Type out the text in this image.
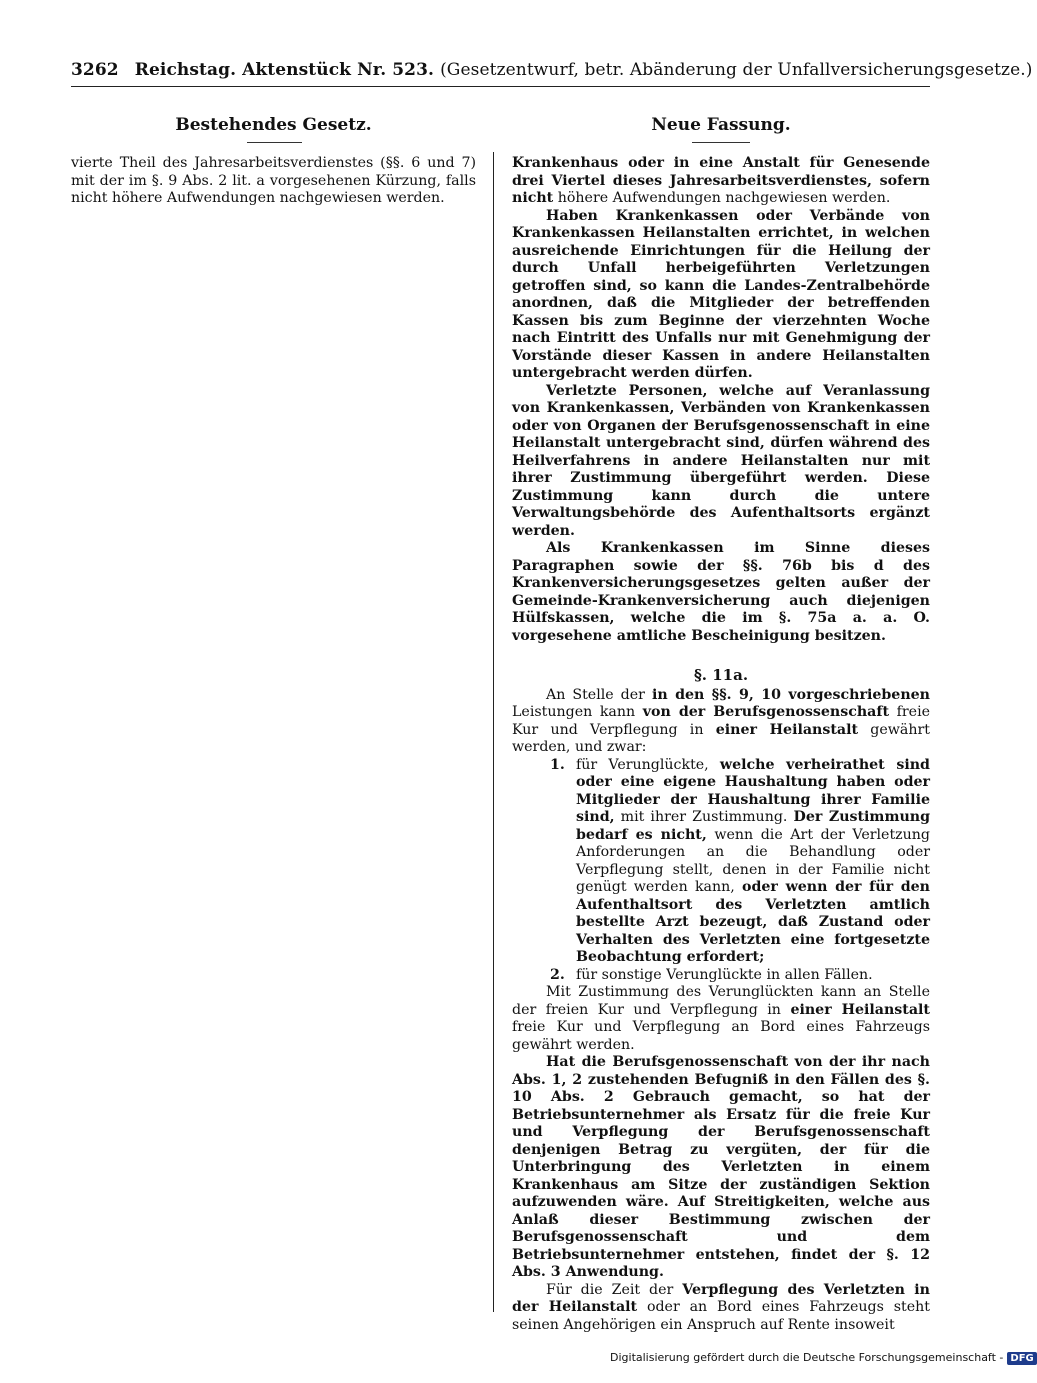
3262 Reichstag. Aktenstück Nr. 523. (Gesetzentwurf, betr. Abänderung der Unfallversicherungsgesetze.)
Bestehendes Gesetz.	Neue Fassung.

vierte Theil des Jahresarbeitsverdienstes (§§. 6 und 7) mit der im §. 9 Abs. 2 lit. a vorgesehenen Kürzung, falls nicht höhere Aufwendungen nachgewiesen werden.

Krankenhaus oder in eine Anstalt für Genesende drei Viertel dieses Jahresarbeitsverdienstes, sofern nicht höhere Aufwendungen nachgewiesen werden.

Haben Krankenkassen oder Verbände von Krankenkassen Heilanstalten errichtet, in welchen ausreichende Einrichtungen für die Heilung der durch Unfall herbeigeführten Verletzungen getroffen sind, so kann die Landes-Zentralbehörde anordnen, daß die Mitglieder der betreffenden Kassen bis zum Beginne der vierzehnten Woche nach Eintritt des Unfalls nur mit Genehmigung der Vorstände dieser Kassen in andere Heilanstalten untergebracht werden dürfen.

Verletzte Personen, welche auf Veranlassung von Krankenkassen, Verbänden von Krankenkassen oder von Organen der Berufsgenossenschaft in eine Heilanstalt untergebracht sind, dürfen während des Heilverfahrens in andere Heilanstalten nur mit ihrer Zustimmung übergeführt werden. Diese Zustimmung kann durch die untere Verwaltungsbehörde des Aufenthaltsorts ergänzt werden.

Als Krankenkassen im Sinne dieses Paragraphen sowie der §§. 76b bis d des Krankenversicherungsgesetzes gelten außer der Gemeinde-Krankenversicherung auch diejenigen Hülfskassen, welche die im §. 75a a. a. O. vorgesehene amtliche Bescheinigung besitzen.

§. 11a.

An Stelle der in den §§. 9, 10 vorgeschriebenen Leistungen kann von der Berufsgenossenschaft freie Kur und Verpflegung in einer Heilanstalt gewährt werden, und zwar:

1. für Verunglückte, welche verheirathet sind oder eine eigene Haushaltung haben oder Mitglieder der Haushaltung ihrer Familie sind, mit ihrer Zustimmung. Der Zustimmung bedarf es nicht, wenn die Art der Verletzung Anforderungen an die Behandlung oder Verpflegung stellt, denen in der Familie nicht genügt werden kann, oder wenn der für den Aufenthaltsort des Verletzten amtlich bestellte Arzt bezeugt, daß Zustand oder Verhalten des Verletzten eine fortgesetzte Beobachtung erfordert;

2. für sonstige Verunglückte in allen Fällen.

Mit Zustimmung des Verunglückten kann an Stelle der freien Kur und Verpflegung in einer Heilanstalt freie Kur und Verpflegung an Bord eines Fahrzeugs gewährt werden.

Hat die Berufsgenossenschaft von der ihr nach Abs. 1, 2 zustehenden Befugniß in den Fällen des §. 10 Abs. 2 Gebrauch gemacht, so hat der Betriebsunternehmer als Ersatz für die freie Kur und Verpflegung der Berufsgenossenschaft denjenigen Betrag zu vergüten, der für die Unterbringung des Verletzten in einem Krankenhaus am Sitze der zuständigen Sektion aufzuwenden wäre. Auf Streitigkeiten, welche aus Anlaß dieser Bestimmung zwischen der Berufsgenossenschaft und dem Betriebsunternehmer entstehen, findet der §. 12 Abs. 3 Anwendung.

Für die Zeit der Verpflegung des Verletzten in der Heilanstalt oder an Bord eines Fahrzeugs steht seinen Angehörigen ein Anspruch auf Rente insoweit

Digitalisierung gefördert durch die Deutsche Forschungsgemeinschaft - DFG
